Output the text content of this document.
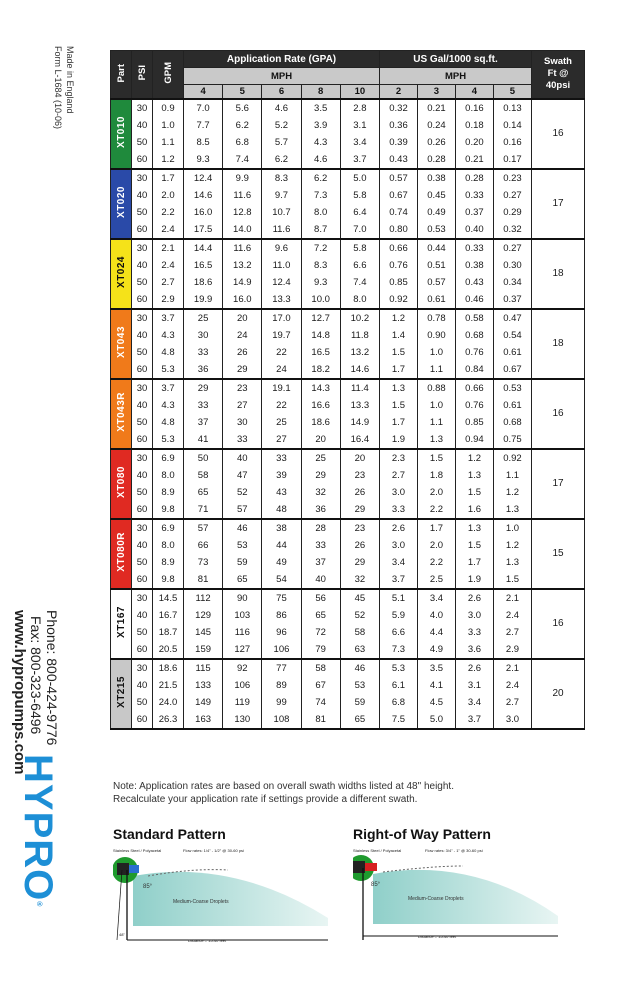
Made in England
Form L-1684 (10-06)
Phone: 800-424-9776
Fax: 800-323-6496
www.hypropumps.com
HYPRO®
Part	PSI	GPM	Application Rate (GPA)					US Gal/1000 sq.ft.				Swath
Ft @
40psi

			MPH					MPH				
			4	5	6	8	10	2	3	4	5	
XT010	30	0.9	7.0	5.6	4.6	3.5	2.8	0.32	0.21	0.16	0.13	16
	40	1.0	7.7	6.2	5.2	3.9	3.1	0.36	0.24	0.18	0.14	
	50	1.1	8.5	6.8	5.7	4.3	3.4	0.39	0.26	0.20	0.16	
	60	1.2	9.3	7.4	6.2	4.6	3.7	0.43	0.28	0.21	0.17	
XT020	30	1.7	12.4	9.9	8.3	6.2	5.0	0.57	0.38	0.28	0.23	17
	40	2.0	14.6	11.6	9.7	7.3	5.8	0.67	0.45	0.33	0.27	
	50	2.2	16.0	12.8	10.7	8.0	6.4	0.74	0.49	0.37	0.29	
	60	2.4	17.5	14.0	11.6	8.7	7.0	0.80	0.53	0.40	0.32	
XT024	30	2.1	14.4	11.6	9.6	7.2	5.8	0.66	0.44	0.33	0.27	18
	40	2.4	16.5	13.2	11.0	8.3	6.6	0.76	0.51	0.38	0.30	
	50	2.7	18.6	14.9	12.4	9.3	7.4	0.85	0.57	0.43	0.34	
	60	2.9	19.9	16.0	13.3	10.0	8.0	0.92	0.61	0.46	0.37	
XT043	30	3.7	25	20	17.0	12.7	10.2	1.2	0.78	0.58	0.47	18
	40	4.3	30	24	19.7	14.8	11.8	1.4	0.90	0.68	0.54	
	50	4.8	33	26	22	16.5	13.2	1.5	1.0	0.76	0.61	
	60	5.3	36	29	24	18.2	14.6	1.7	1.1	0.84	0.67	
XT043R	30	3.7	29	23	19.1	14.3	11.4	1.3	0.88	0.66	0.53	16
	40	4.3	33	27	22	16.6	13.3	1.5	1.0	0.76	0.61	
	50	4.8	37	30	25	18.6	14.9	1.7	1.1	0.85	0.68	
	60	5.3	41	33	27	20	16.4	1.9	1.3	0.94	0.75	
XT080	30	6.9	50	40	33	25	20	2.3	1.5	1.2	0.92	17
	40	8.0	58	47	39	29	23	2.7	1.8	1.3	1.1	
	50	8.9	65	52	43	32	26	3.0	2.0	1.5	1.2	
	60	9.8	71	57	48	36	29	3.3	2.2	1.6	1.3	
XT080R	30	6.9	57	46	38	28	23	2.6	1.7	1.3	1.0	15
	40	8.0	66	53	44	33	26	3.0	2.0	1.5	1.2	
	50	8.9	73	59	49	37	29	3.4	2.2	1.7	1.3	
	60	9.8	81	65	54	40	32	3.7	2.5	1.9	1.5	
XT167	30	14.5	112	90	75	56	45	5.1	3.4	2.6	2.1	16
	40	16.7	129	103	86	65	52	5.9	4.0	3.0	2.4	
	50	18.7	145	116	96	72	58	6.6	4.4	3.3	2.7	
	60	20.5	159	127	106	79	63	7.3	4.9	3.6	2.9	
XT215	30	18.6	115	92	77	58	46	5.3	3.5	2.6	2.1	20
	40	21.5	133	106	89	67	53	6.1	4.1	3.1	2.4	
	50	24.0	149	119	99	74	59	6.8	4.5	3.4	2.7	
	60	26.3	163	130	108	81	65	7.5	5.0	3.7	3.0	
Note: Application rates are based on overall swath widths listed at 48" height.
Recalculate your application rate if settings provide a different swath.
Standard Pattern
Stainless Steel / Polyacetal	Flow rates: 1/4" - 1/2" @ 30-60 psi
85°
Medium-Coarse Droplets
48"
Distance = 15-40 feet
Right-of Way Pattern
Stainless Steel / Polyacetal	Flow rates: 3/4" - 1" @ 30-60 psi
85°
Medium-Coarse Droplets
Distance = 15-40 feet
